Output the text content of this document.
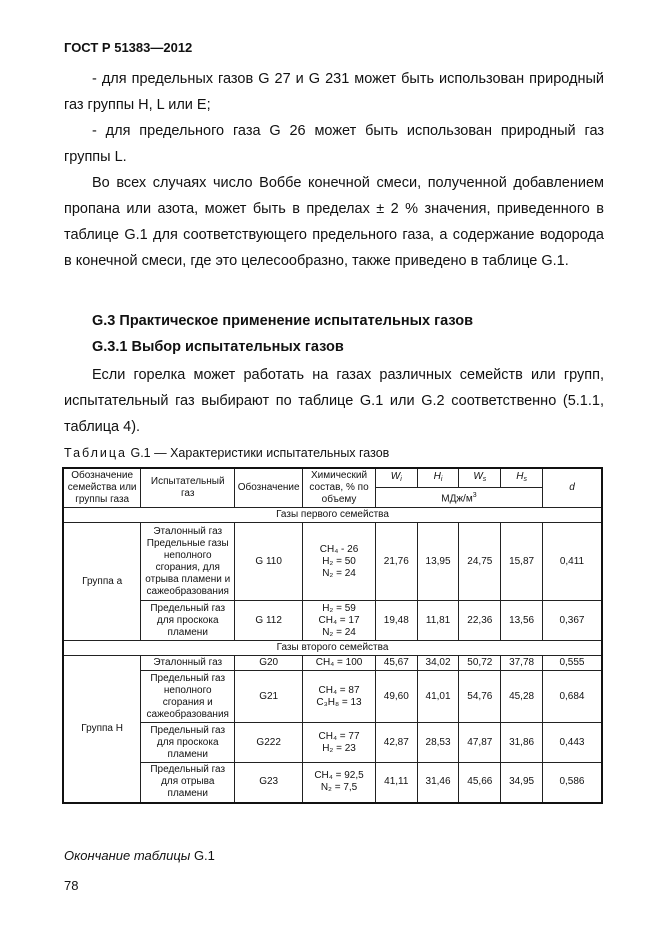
ГОСТ Р 51383—2012

- для предельных газов G 27 и G 231 может быть использован природный газ группы H, L или E;

- для предельного газа G 26 может быть использован природный газ группы L.

Во всех случаях число Воббе конечной смеси, полученной добавлением пропана или азота, может быть в пределах ± 2 % значения, приведенного в таблице G.1 для соответствующего предельного газа, а содержание водорода в конечной смеси, где это целесообразно, также приведено в таблице G.1.

G.3 Практическое применение испытательных газов
G.3.1 Выбор испытательных газов

Если горелка может работать на газах различных семейств или групп, испытательный газ выбирают по таблице G.1 или G.2 соответственно (5.1.1, таблица 4).

Таблица G.1 — Характеристики испытательных газов
Обозначение семейства или группы газа	Испытательный газ	Обозначение	Химический состав, % по объему	$W_i$	$H_i$	$W_s$	$H_s$	d
				МДж/$м^3$
Газы первого семейства								
Группа а	Эталонный газ Предельные газы неполного сгорания, для отрыва пламени и сажеобразования	G 110	CH₄ - 26
H₂ = 50
N₂ = 24	21,76	13,95	24,75	15,87	0,411
	Предельный газ для проскока пламени	G 112	H₂ = 59
CH₄ = 17
N₂ = 24	19,48	11,81	22,36	13,56	0,367
Газы второго семейства								
Группа H	Эталонный газ	G20	CH₄ = 100	45,67	34,02	50,72	37,78	0,555
	Предельный газ неполного сгорания и сажеобразования	G21	CH₄ = 87
C₃H₈ = 13	49,60	41,01	54,76	45,28	0,684
	Предельный газ для проскока пламени	G222	CH₄ = 77
H₂ = 23	42,87	28,53	47,87	31,86	0,443
	Предельный газ для отрыва пламени	G23	CH₄ = 92,5
N₂ = 7,5	41,11	31,46	45,66	34,95	0,586
Окончание таблицы G.1
78
